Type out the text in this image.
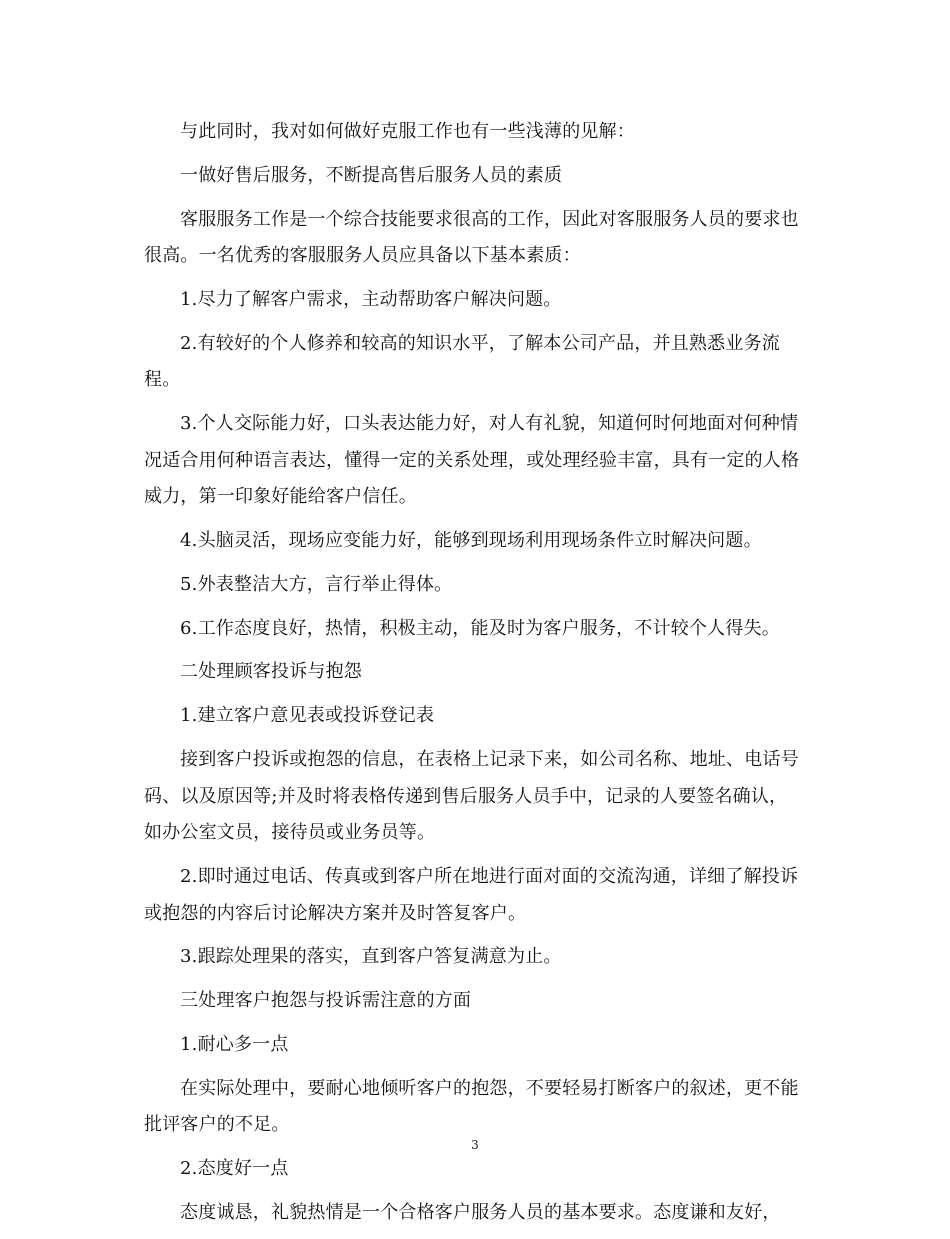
与此同时，我对如何做好克服工作也有一些浅薄的见解：

一做好售后服务，不断提高售后服务人员的素质

客服服务工作是一个综合技能要求很高的工作，因此对客服服务人员的要求也很高。一名优秀的客服服务人员应具备以下基本素质：

1.尽力了解客户需求，主动帮助客户解决问题。

2.有较好的个人修养和较高的知识水平，了解本公司产品，并且熟悉业务流程。

3.个人交际能力好，口头表达能力好，对人有礼貌，知道何时何地面对何种情况适合用何种语言表达，懂得一定的关系处理，或处理经验丰富，具有一定的人格威力，第一印象好能给客户信任。

4.头脑灵活，现场应变能力好，能够到现场利用现场条件立时解决问题。

5.外表整洁大方，言行举止得体。

6.工作态度良好，热情，积极主动，能及时为客户服务，不计较个人得失。

二处理顾客投诉与抱怨

1.建立客户意见表或投诉登记表

接到客户投诉或抱怨的信息，在表格上记录下来，如公司名称、地址、电话号码、以及原因等;并及时将表格传递到售后服务人员手中，记录的人要签名确认，如办公室文员，接待员或业务员等。

2.即时通过电话、传真或到客户所在地进行面对面的交流沟通，详细了解投诉或抱怨的内容后讨论解决方案并及时答复客户。

3.跟踪处理果的落实，直到客户答复满意为止。

三处理客户抱怨与投诉需注意的方面

1.耐心多一点

在实际处理中，要耐心地倾听客户的抱怨，不要轻易打断客户的叙述，更不能批评客户的不足。

2.态度好一点

态度诚恳，礼貌热情是一个合格客户服务人员的基本要求。态度谦和友好，

3
